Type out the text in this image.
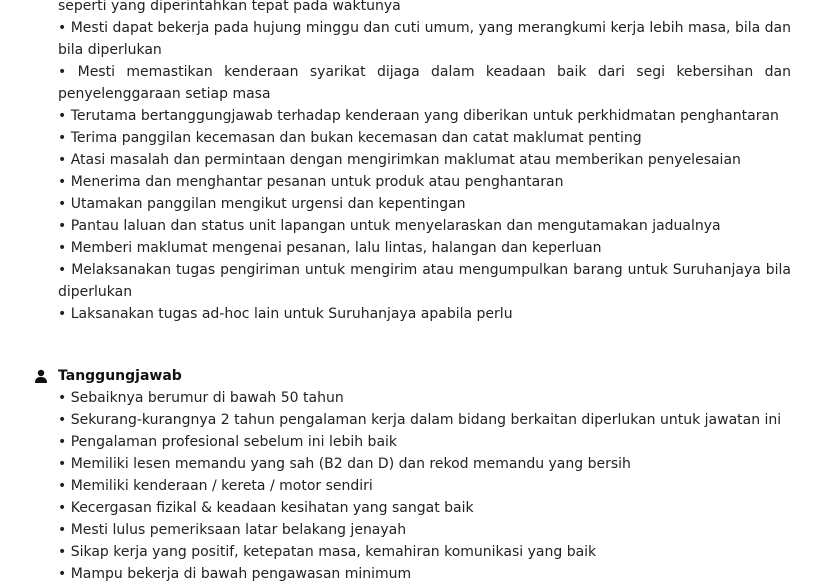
seperti yang diperintahkan tepat pada waktunya

• Mesti dapat bekerja pada hujung minggu dan cuti umum, yang merangkumi kerja lebih masa, bila dan bila diperlukan

• Mesti memastikan kenderaan syarikat dijaga dalam keadaan baik dari segi kebersihan dan penyelenggaraan setiap masa

• Terutama bertanggungjawab terhadap kenderaan yang diberikan untuk perkhidmatan penghantaran

• Terima panggilan kecemasan dan bukan kecemasan dan catat maklumat penting

• Atasi masalah dan permintaan dengan mengirimkan maklumat atau memberikan penyelesaian

• Menerima dan menghantar pesanan untuk produk atau penghantaran

• Utamakan panggilan mengikut urgensi dan kepentingan

• Pantau laluan dan status unit lapangan untuk menyelaraskan dan mengutamakan jadualnya

• Memberi maklumat mengenai pesanan, lalu lintas, halangan dan keperluan

• Melaksanakan tugas pengiriman untuk mengirim atau mengumpulkan barang untuk Suruhanjaya bila diperlukan

• Laksanakan tugas ad-hoc lain untuk Suruhanjaya apabila perlu

Tanggungjawab

• Sebaiknya berumur di bawah 50 tahun

• Sekurang-kurangnya 2 tahun pengalaman kerja dalam bidang berkaitan diperlukan untuk jawatan ini

• Pengalaman profesional sebelum ini lebih baik

• Memiliki lesen memandu yang sah (B2 dan D) dan rekod memandu yang bersih

• Memiliki kenderaan / kereta / motor sendiri

• Kecergasan fizikal & keadaan kesihatan yang sangat baik

• Mesti lulus pemeriksaan latar belakang jenayah

• Sikap kerja yang positif, ketepatan masa, kemahiran komunikasi yang baik

• Mampu bekerja di bawah pengawasan minimum
